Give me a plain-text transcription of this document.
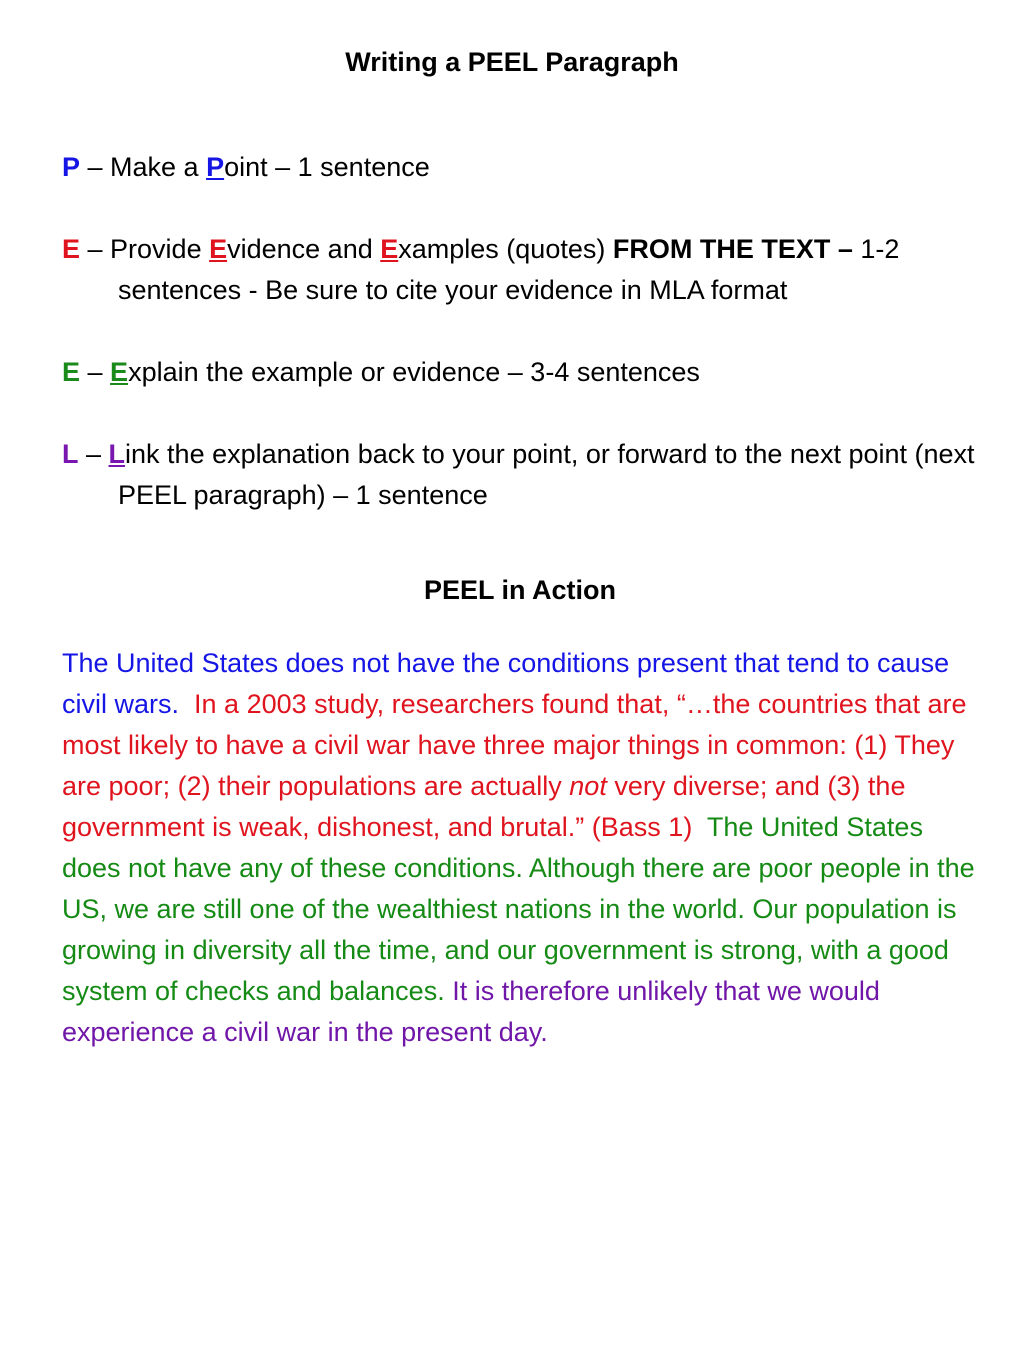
Writing a PEEL Paragraph
P – Make a Point – 1 sentence
E – Provide Evidence and Examples (quotes) FROM THE TEXT – 1-2 sentences - Be sure to cite your evidence in MLA format
E – Explain the example or evidence – 3-4 sentences
L – Link the explanation back to your point, or forward to the next point (next PEEL paragraph) – 1 sentence
PEEL in Action
The United States does not have the conditions present that tend to cause civil wars. In a 2003 study, researchers found that, “…the countries that are most likely to have a civil war have three major things in common: (1) They are poor; (2) their populations are actually not very diverse; and (3) the government is weak, dishonest, and brutal.” (Bass 1) The United States does not have any of these conditions. Although there are poor people in the US, we are still one of the wealthiest nations in the world. Our population is growing in diversity all the time, and our government is strong, with a good system of checks and balances. It is therefore unlikely that we would experience a civil war in the present day.
